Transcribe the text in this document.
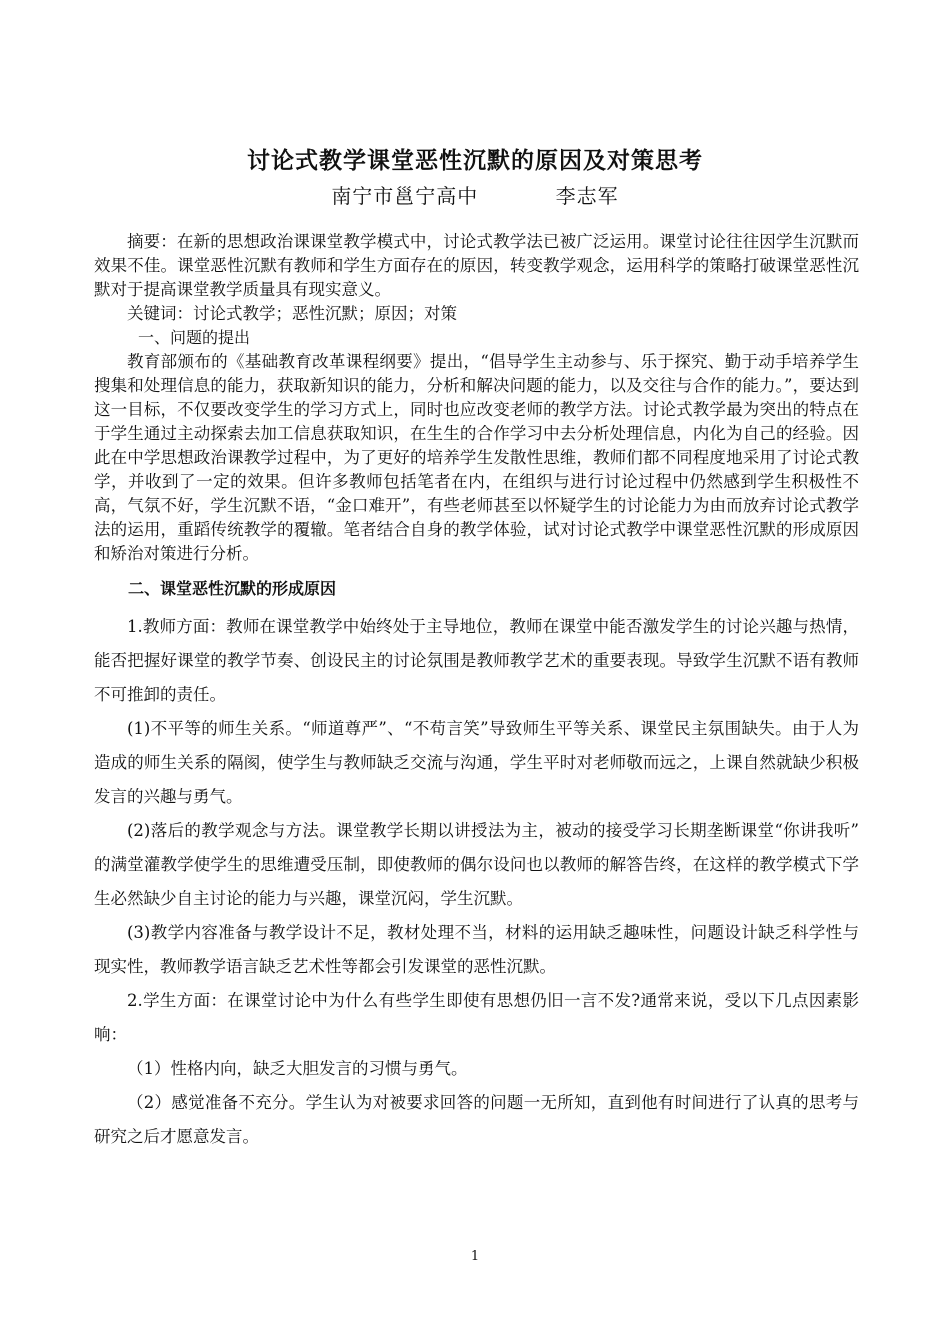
讨论式教学课堂恶性沉默的原因及对策思考
南宁市邕宁高中	李志军

摘要：在新的思想政治课课堂教学模式中，讨论式教学法已被广泛运用。课堂讨论往往因学生沉默而效果不佳。课堂恶性沉默有教师和学生方面存在的原因，转变教学观念，运用科学的策略打破课堂恶性沉默对于提高课堂教学质量具有现实意义。

关键词：讨论式教学；恶性沉默；原因；对策

一、问题的提出

教育部颁布的《基础教育改革课程纲要》提出，“倡导学生主动参与、乐于探究、勤于动手培养学生搜集和处理信息的能力，获取新知识的能力，分析和解决问题的能力，以及交往与合作的能力。”，要达到这一目标，不仅要改变学生的学习方式上，同时也应改变老师的教学方法。讨论式教学最为突出的特点在于学生通过主动探索去加工信息获取知识，在生生的合作学习中去分析处理信息，内化为自己的经验。因此在中学思想政治课教学过程中，为了更好的培养学生发散性思维，教师们都不同程度地采用了讨论式教学，并收到了一定的效果。但许多教师包括笔者在内，在组织与进行讨论过程中仍然感到学生积极性不高，气氛不好，学生沉默不语，“金口难开”，有些老师甚至以怀疑学生的讨论能力为由而放弃讨论式教学法的运用，重蹈传统教学的覆辙。笔者结合自身的教学体验，试对讨论式教学中课堂恶性沉默的形成原因和矫治对策进行分析。

二、课堂恶性沉默的形成原因

1.教师方面：教师在课堂教学中始终处于主导地位，教师在课堂中能否激发学生的讨论兴趣与热情，能否把握好课堂的教学节奏、创设民主的讨论氛围是教师教学艺术的重要表现。导致学生沉默不语有教师不可推卸的责任。

(1)不平等的师生关系。“师道尊严”、“不苟言笑”导致师生平等关系、课堂民主氛围缺失。由于人为造成的师生关系的隔阂，使学生与教师缺乏交流与沟通，学生平时对老师敬而远之，上课自然就缺少积极发言的兴趣与勇气。

(2)落后的教学观念与方法。课堂教学长期以讲授法为主，被动的接受学习长期垄断课堂“你讲我听”　的满堂灌教学使学生的思维遭受压制，即使教师的偶尔设问也以教师的解答告终，在这样的教学模式下学生必然缺少自主讨论的能力与兴趣，课堂沉闷，学生沉默。

(3)教学内容准备与教学设计不足，教材处理不当，材料的运用缺乏趣味性，问题设计缺乏科学性与现实性，教师教学语言缺乏艺术性等都会引发课堂的恶性沉默。

2.学生方面：在课堂讨论中为什么有些学生即使有思想仍旧一言不发?通常来说，受以下几点因素影响：

（1）性格内向，缺乏大胆发言的习惯与勇气。

（2）感觉准备不充分。学生认为对被要求回答的问题一无所知，直到他有时间进行了认真的思考与研究之后才愿意发言。

1
